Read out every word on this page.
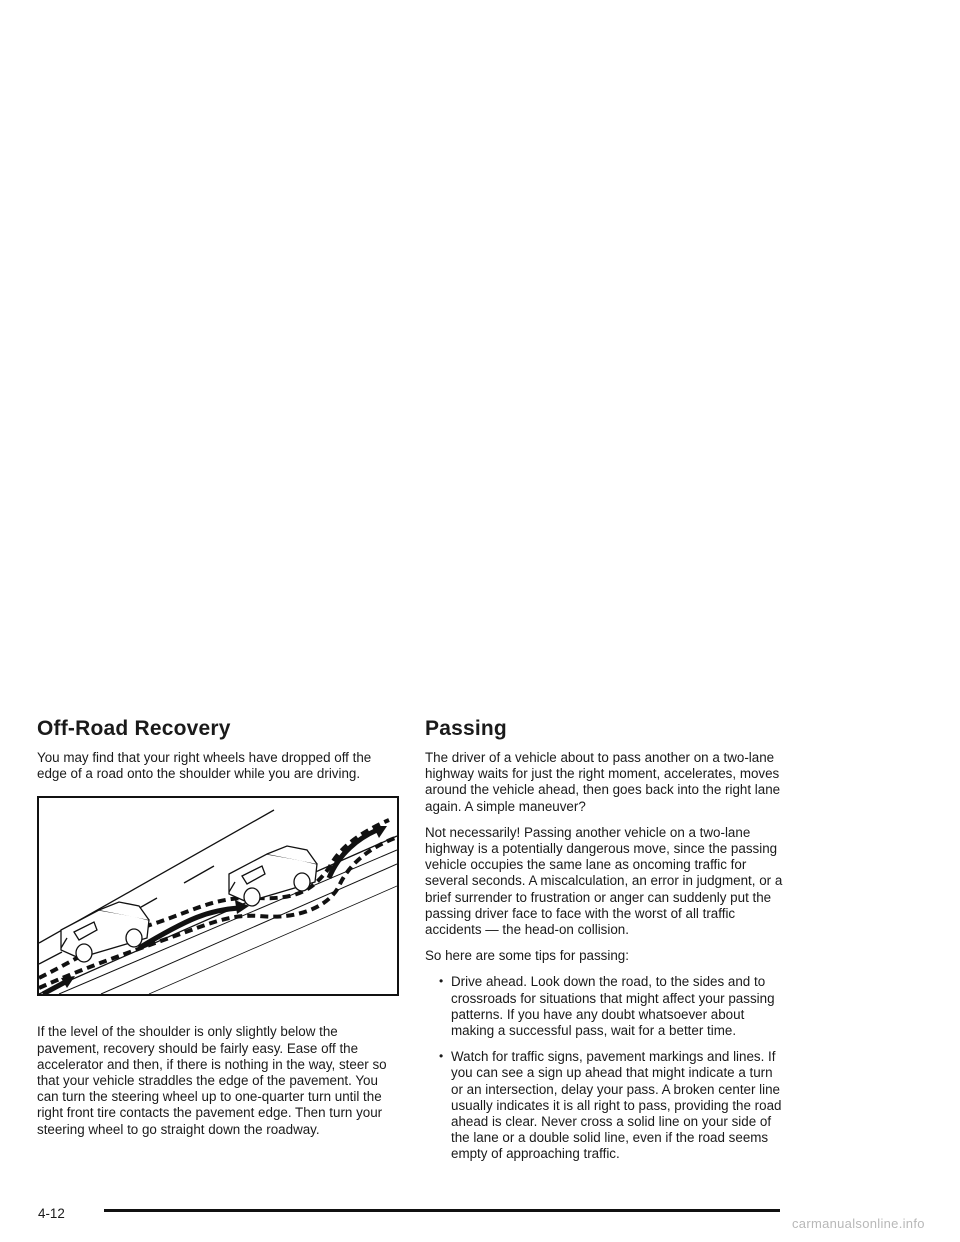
Off-Road Recovery

You may find that your right wheels have dropped off the edge of a road onto the shoulder while you are driving.

If the level of the shoulder is only slightly below the pavement, recovery should be fairly easy. Ease off the accelerator and then, if there is nothing in the way, steer so that your vehicle straddles the edge of the pavement. You can turn the steering wheel up to one-quarter turn until the right front tire contacts the pavement edge. Then turn your steering wheel to go straight down the roadway.

Passing

The driver of a vehicle about to pass another on a two-lane highway waits for just the right moment, accelerates, moves around the vehicle ahead, then goes back into the right lane again. A simple maneuver?

Not necessarily! Passing another vehicle on a two-lane highway is a potentially dangerous move, since the passing vehicle occupies the same lane as oncoming traffic for several seconds. A miscalculation, an error in judgment, or a brief surrender to frustration or anger can suddenly put the passing driver face to face with the worst of all traffic accidents — the head-on collision.

So here are some tips for passing:

• Drive ahead. Look down the road, to the sides and to crossroads for situations that might affect your passing patterns. If you have any doubt whatsoever about making a successful pass, wait for a better time.
• Watch for traffic signs, pavement markings and lines. If you can see a sign up ahead that might indicate a turn or an intersection, delay your pass. A broken center line usually indicates it is all right to pass, providing the road ahead is clear. Never cross a solid line on your side of the lane or a double solid line, even if the road seems empty of approaching traffic.
4-12
carmanualsonline.info
